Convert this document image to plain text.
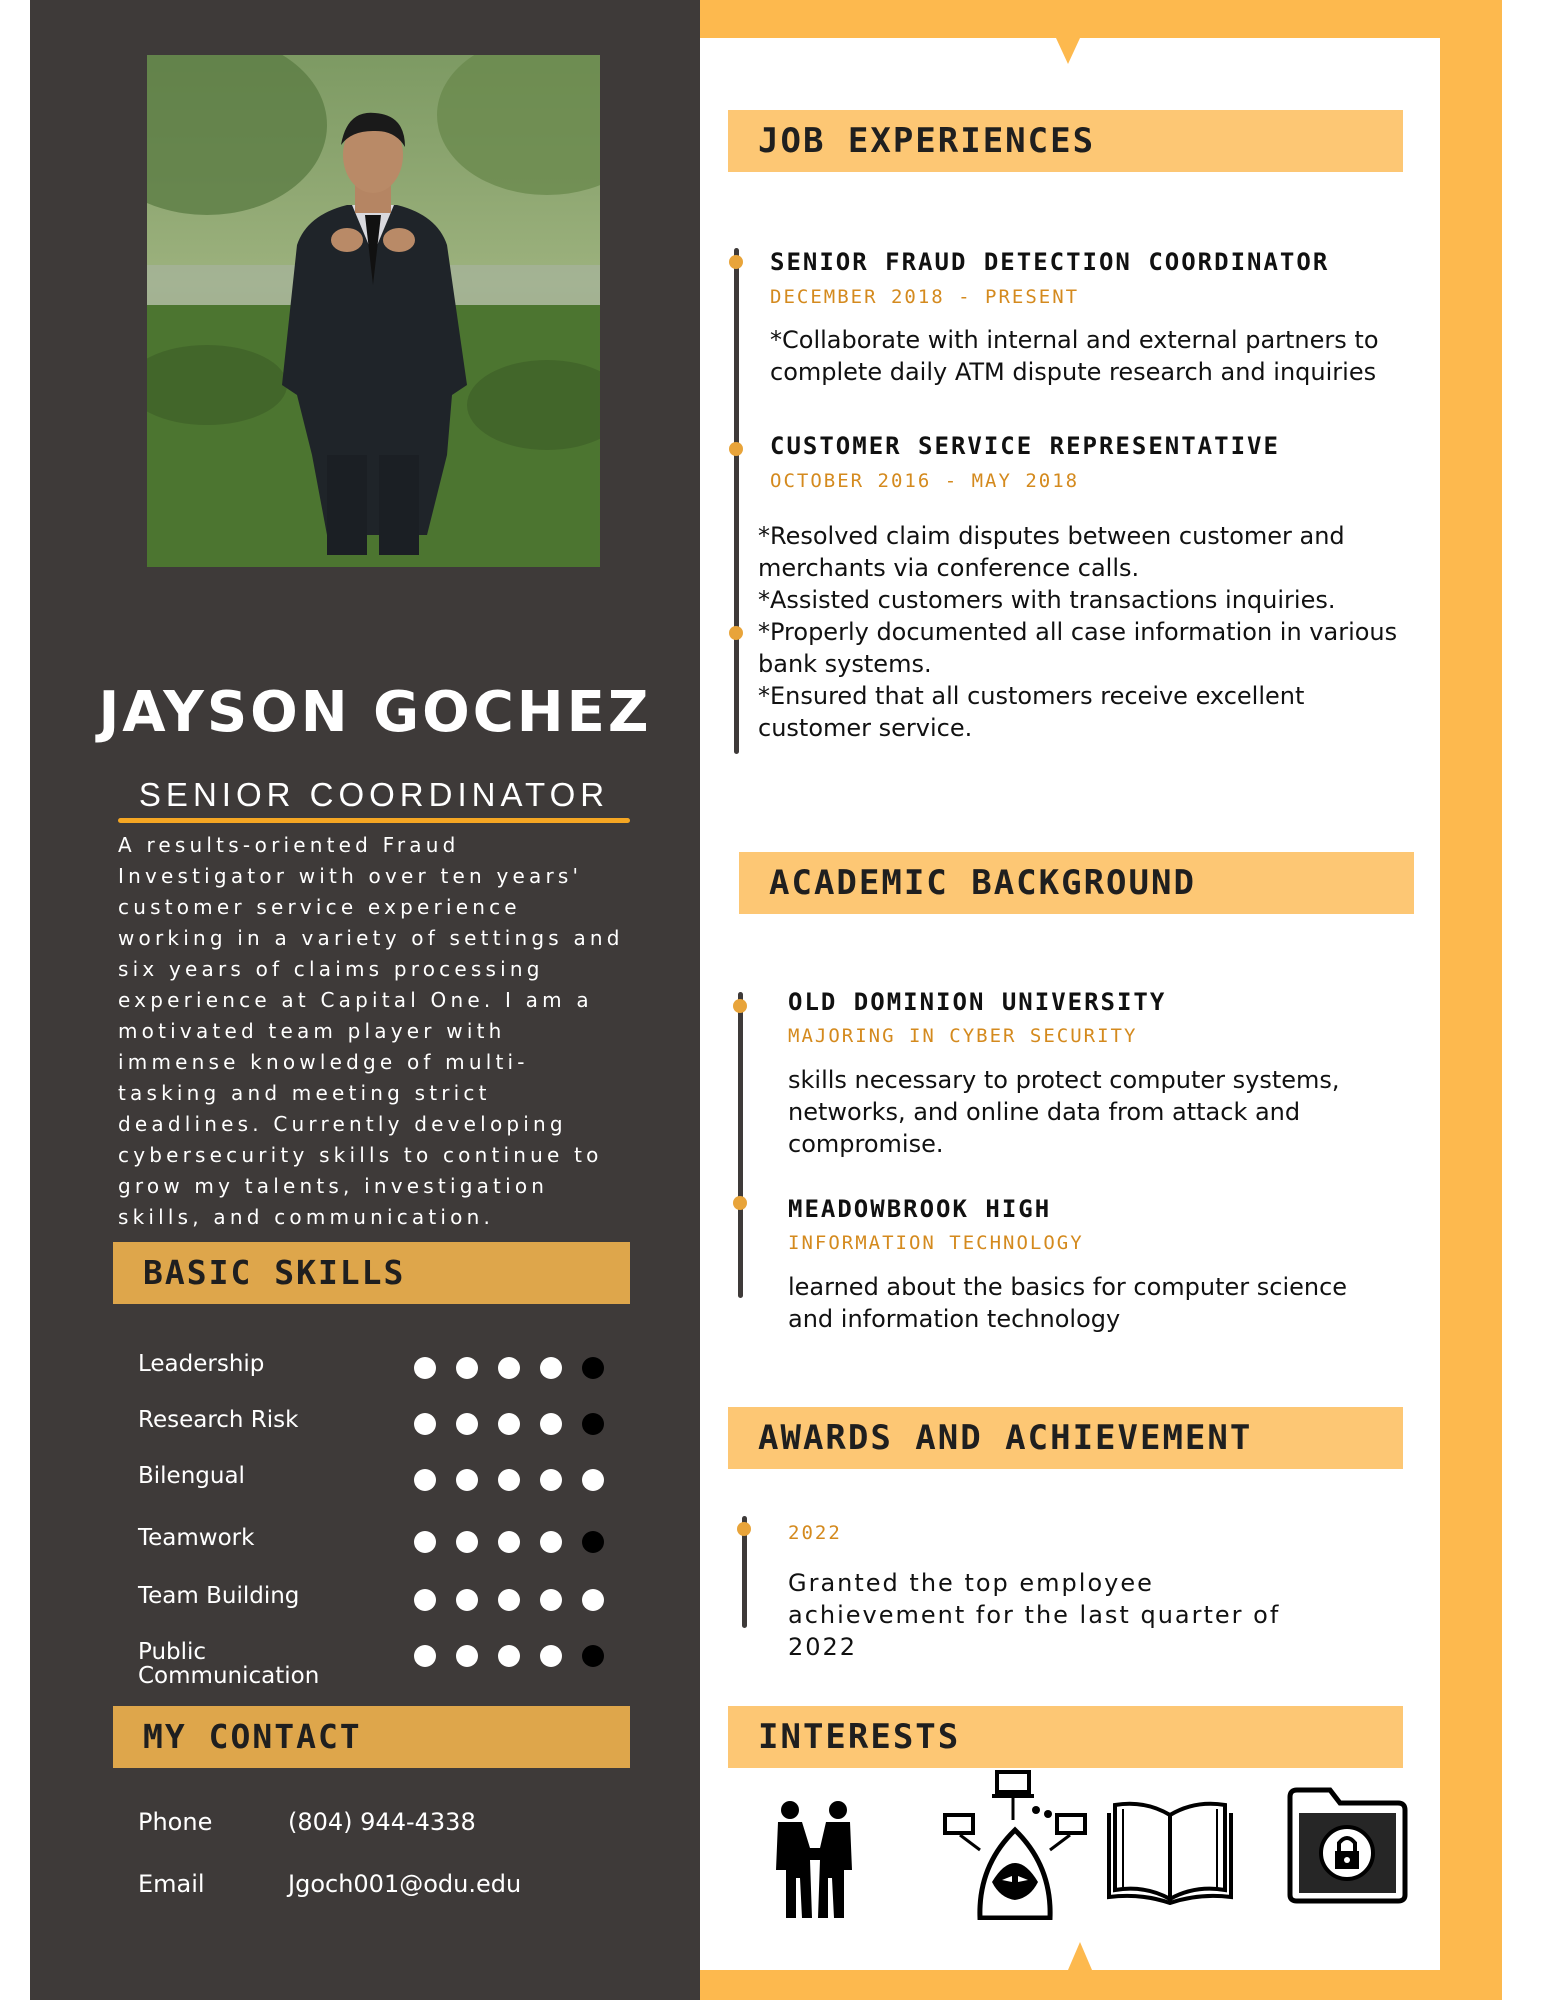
JAYSON GOCHEZ
SENIOR COORDINATOR

A results-oriented Fraud Investigator with over ten years' customer service experience working in a variety of settings and six years of claims processing experience at Capital One. I am a motivated team player with immense knowledge of multi-tasking and meeting strict deadlines. Currently developing cybersecurity skills to continue to grow my talents, investigation skills, and communication.

BASIC SKILLS
Leadership
Research Risk
Bilengual
Teamwork
Team Building
Public Communication
MY CONTACT
Phone	(804) 944-4338
Email	Jgoch001@odu.edu
JOB EXPERIENCES
SENIOR FRAUD DETECTION COORDINATOR
DECEMBER 2018 - PRESENT

*Collaborate with internal and external partners to complete daily ATM dispute research and inquiries

CUSTOMER SERVICE REPRESENTATIVE
OCTOBER 2016 - MAY 2018

*Resolved claim disputes between customer and merchants via conference calls.
*Assisted customers with transactions inquiries.
*Properly documented all case information in various bank systems.
*Ensured that all customers receive excellent customer service.

ACADEMIC BACKGROUND
OLD DOMINION UNIVERSITY
MAJORING IN CYBER SECURITY

skills necessary to protect computer systems, networks, and online data from attack and compromise.

MEADOWBROOK HIGH
INFORMATION TECHNOLOGY

learned about the basics for computer science and information technology

AWARDS AND ACHIEVEMENT
2022

Granted the top employee achievement for the last quarter of 2022

INTERESTS
